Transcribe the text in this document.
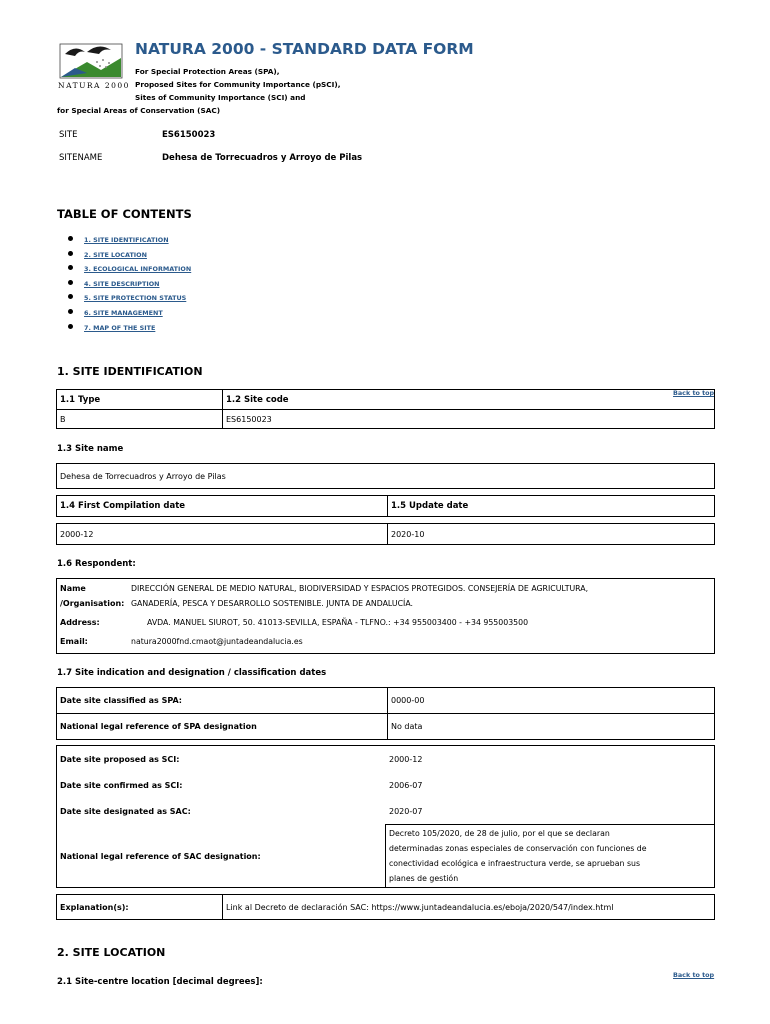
NATURA 2000
NATURA 2000 - STANDARD DATA FORM
For Special Protection Areas (SPA),
Proposed Sites for Community Importance (pSCI),
Sites of Community Importance (SCI) and
for Special Areas of Conservation (SAC)
SITE	ES6150023
SITENAME	Dehesa de Torrecuadros y Arroyo de Pilas
TABLE OF CONTENTS
1. SITE IDENTIFICATION
2. SITE LOCATION
3. ECOLOGICAL INFORMATION
4. SITE DESCRIPTION
5. SITE PROTECTION STATUS
6. SITE MANAGEMENT
7. MAP OF THE SITE
1. SITE IDENTIFICATION
Back to top
1.1 Type	1.2 Site code
B	ES6150023
1.3 Site name
Dehesa de Torrecuadros y Arroyo de Pilas
1.4 First Compilation date	1.5 Update date
2000-12	2020-10
1.6 Respondent:
Name
/Organisation:
DIRECCIÓN GENERAL DE MEDIO NATURAL, BIODIVERSIDAD Y ESPACIOS PROTEGIDOS. CONSEJERÍA DE AGRICULTURA,
GANADERÍA, PESCA Y DESARROLLO SOSTENIBLE. JUNTA DE ANDALUCÍA.
Address:	AVDA. MANUEL SIUROT, 50. 41013-SEVILLA, ESPAÑA - TLFNO.: +34 955003400 - +34 955003500
Email:	natura2000fnd.cmaot@juntadeandalucia.es
1.7 Site indication and designation / classification dates
Date site classified as SPA:	0000-00
National legal reference of SPA designation	No data
Date site proposed as SCI:	2000-12
Date site confirmed as SCI:	2006-07
Date site designated as SAC:	2020-07
National legal reference of SAC designation:
Decreto 105/2020, de 28 de julio, por el que se declaran
determinadas zonas especiales de conservación con funciones de
conectividad ecológica e infraestructura verde, se aprueban sus
planes de gestión
Explanation(s):	Link al Decreto de declaración SAC: https://www.juntadeandalucia.es/eboja/2020/547/index.html
2. SITE LOCATION
Back to top
2.1 Site-centre location [decimal degrees]:
